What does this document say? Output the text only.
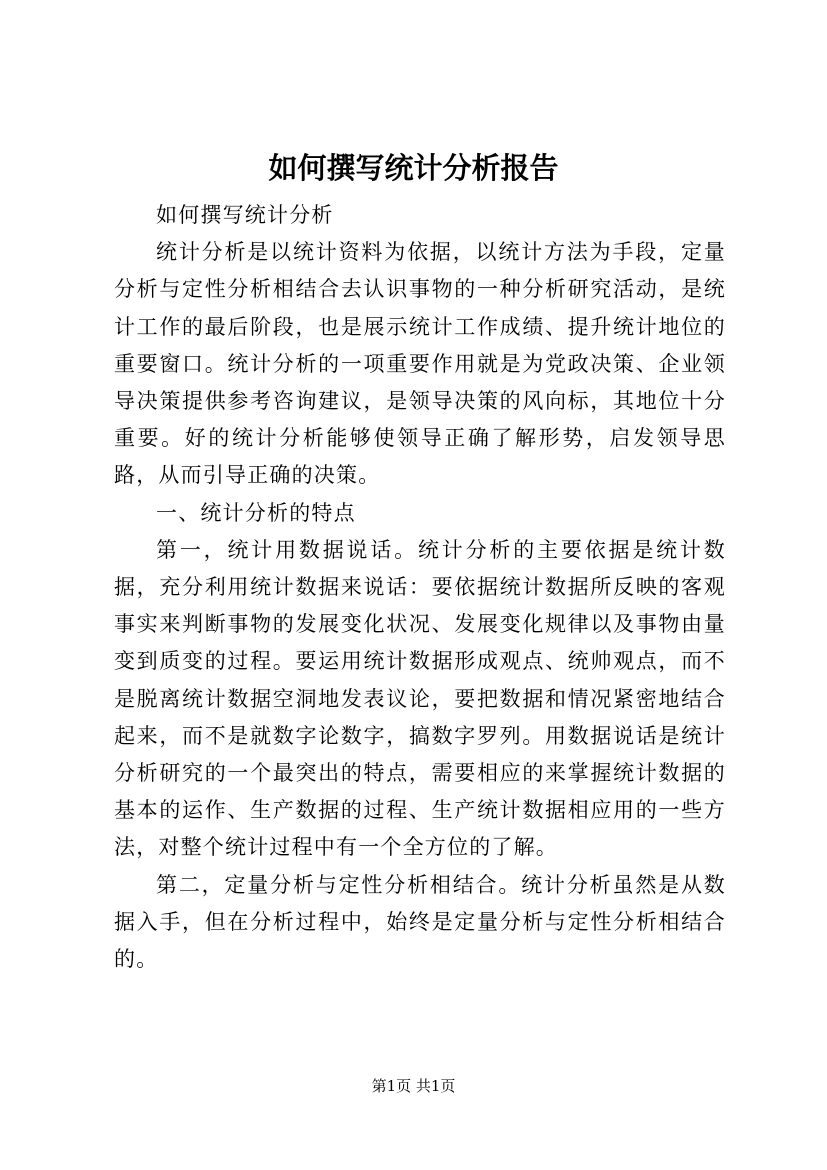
如何撰写统计分析报告

如何撰写统计分析

统计分析是以统计资料为依据，以统计方法为手段，定量分析与定性分析相结合去认识事物的一种分析研究活动，是统计工作的最后阶段，也是展示统计工作成绩、提升统计地位的重要窗口。统计分析的一项重要作用就是为党政决策、企业领导决策提供参考咨询建议，是领导决策的风向标，其地位十分重要。好的统计分析能够使领导正确了解形势，启发领导思路，从而引导正确的决策。

一、统计分析的特点

第一，统计用数据说话。统计分析的主要依据是统计数据，充分利用统计数据来说话：要依据统计数据所反映的客观事实来判断事物的发展变化状况、发展变化规律以及事物由量变到质变的过程。要运用统计数据形成观点、统帅观点，而不是脱离统计数据空洞地发表议论，要把数据和情况紧密地结合起来，而不是就数字论数字，搞数字罗列。用数据说话是统计分析研究的一个最突出的特点，需要相应的来掌握统计数据的基本的运作、生产数据的过程、生产统计数据相应用的一些方法，对整个统计过程中有一个全方位的了解。

第二，定量分析与定性分析相结合。统计分析虽然是从数据入手，但在分析过程中，始终是定量分析与定性分析相结合的。

第1页 共1页
